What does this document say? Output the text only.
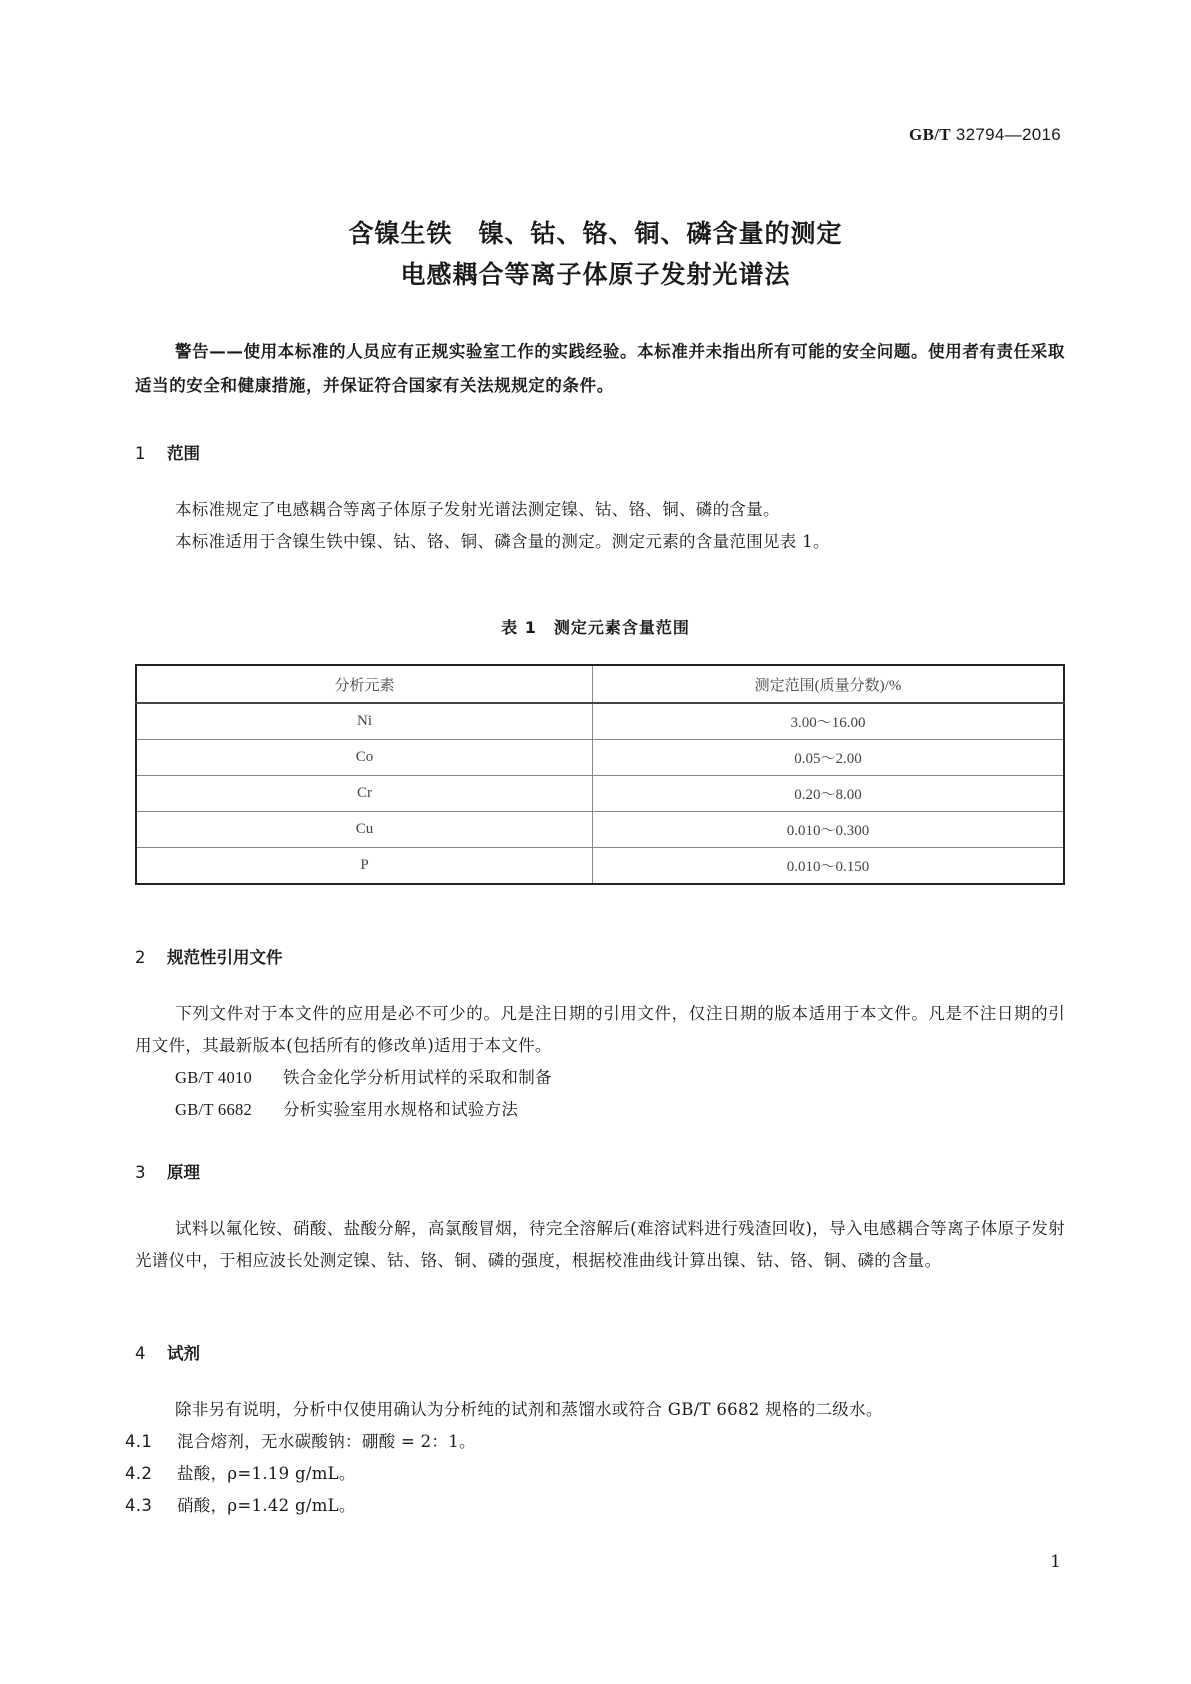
GB/T 32794—2016
含镍生铁　镍、钴、铬、铜、磷含量的测定
电感耦合等离子体原子发射光谱法
警告——使用本标准的人员应有正规实验室工作的实践经验。本标准并未指出所有可能的安全问题。使用者有责任采取适当的安全和健康措施，并保证符合国家有关法规规定的条件。
1 范围
本标准规定了电感耦合等离子体原子发射光谱法测定镍、钴、铬、铜、磷的含量。
本标准适用于含镍生铁中镍、钴、铬、铜、磷含量的测定。测定元素的含量范围见表 1。
表 1　测定元素含量范围
分析元素	测定范围(质量分数)/%
Ni	3.00～16.00
Co	0.05～2.00
Cr	0.20～8.00
Cu	0.010～0.300
P	0.010～0.150
2 规范性引用文件
下列文件对于本文件的应用是必不可少的。凡是注日期的引用文件，仅注日期的版本适用于本文件。凡是不注日期的引用文件，其最新版本(包括所有的修改单)适用于本文件。
GB/T 4010 铁合金化学分析用试样的采取和制备
GB/T 6682 分析实验室用水规格和试验方法
3 原理
试料以氟化铵、硝酸、盐酸分解，高氯酸冒烟，待完全溶解后(难溶试料进行残渣回收)，导入电感耦合等离子体原子发射光谱仪中，于相应波长处测定镍、钴、铬、铜、磷的强度，根据校准曲线计算出镍、钴、铬、铜、磷的含量。
4 试剂
除非另有说明，分析中仅使用确认为分析纯的试剂和蒸馏水或符合 GB/T 6682 规格的二级水。
4.1 混合熔剂，无水碳酸钠：硼酸 = 2：1。
4.2 盐酸，ρ=1.19 g/mL。
4.3 硝酸，ρ=1.42 g/mL。
1
